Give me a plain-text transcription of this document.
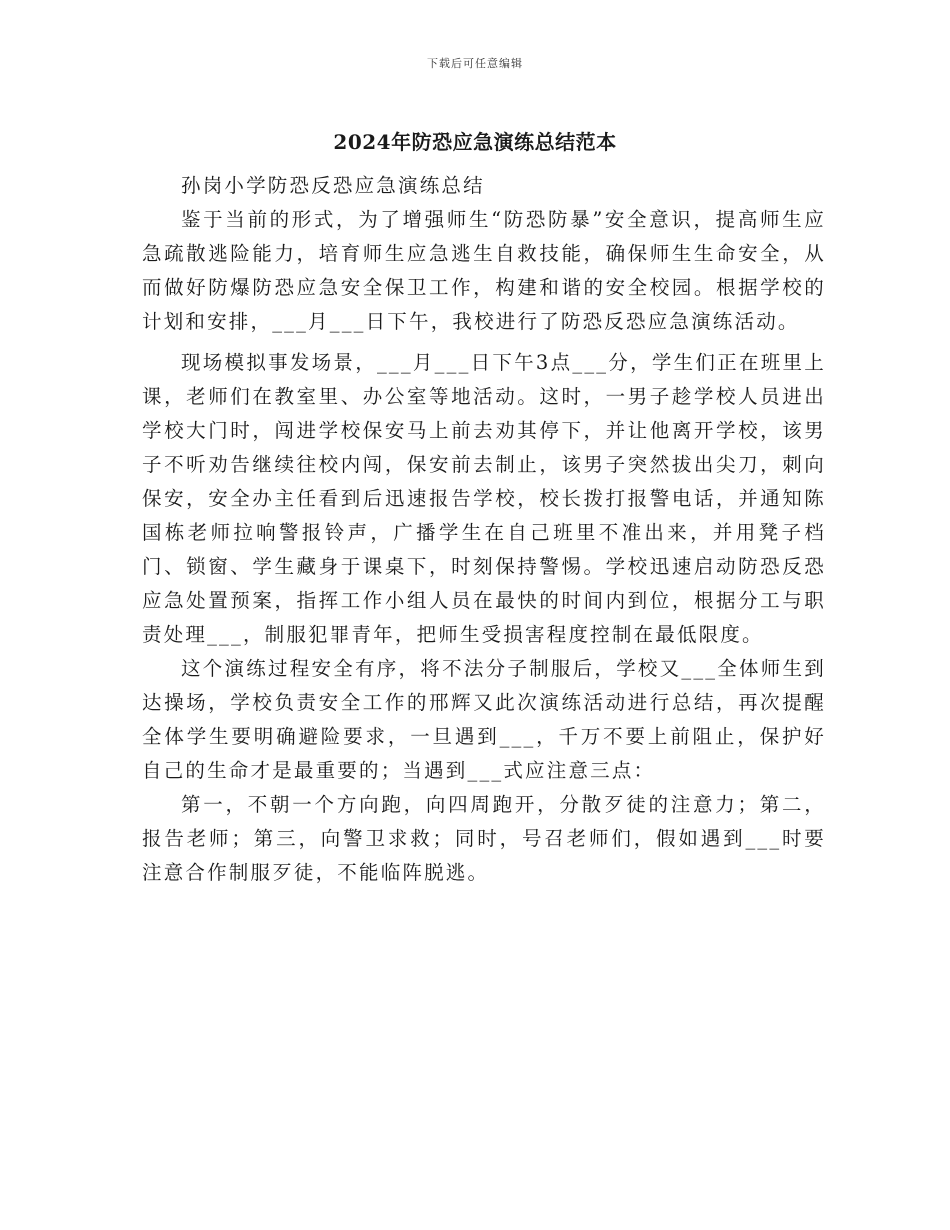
下载后可任意编辑
2024年防恐应急演练总结范本

孙岗小学防恐反恐应急演练总结

鉴于当前的形式，为了增强师生“防恐防暴”安全意识，提高师生应急疏散逃险能力，培育师生应急逃生自救技能，确保师生生命安全，从而做好防爆防恐应急安全保卫工作，构建和谐的安全校园。根据学校的计划和安排，___月___日下午，我校进行了防恐反恐应急演练活动。

现场模拟事发场景，___月___日下午3点___分，学生们正在班里上课，老师们在教室里、办公室等地活动。这时，一男子趁学校人员进出学校大门时，闯进学校保安马上前去劝其停下，并让他离开学校，该男子不听劝告继续往校内闯，保安前去制止，该男子突然拔出尖刀，刺向保安，安全办主任看到后迅速报告学校，校长拨打报警电话，并通知陈国栋老师拉响警报铃声，广播学生在自己班里不准出来，并用凳子档门、锁窗、学生藏身于课桌下，时刻保持警惕。学校迅速启动防恐反恐应急处置预案，指挥工作小组人员在最快的时间内到位，根据分工与职责处理___，制服犯罪青年，把师生受损害程度控制在最低限度。

这个演练过程安全有序，将不法分子制服后，学校又___全体师生到达操场，学校负责安全工作的邢辉又此次演练活动进行总结，再次提醒全体学生要明确避险要求，一旦遇到___，千万不要上前阻止，保护好自己的生命才是最重要的；当遇到___式应注意三点：

第一，不朝一个方向跑，向四周跑开，分散歹徒的注意力；第二，报告老师；第三，向警卫求救；同时，号召老师们，假如遇到___时要注意合作制服歹徒，不能临阵脱逃。
